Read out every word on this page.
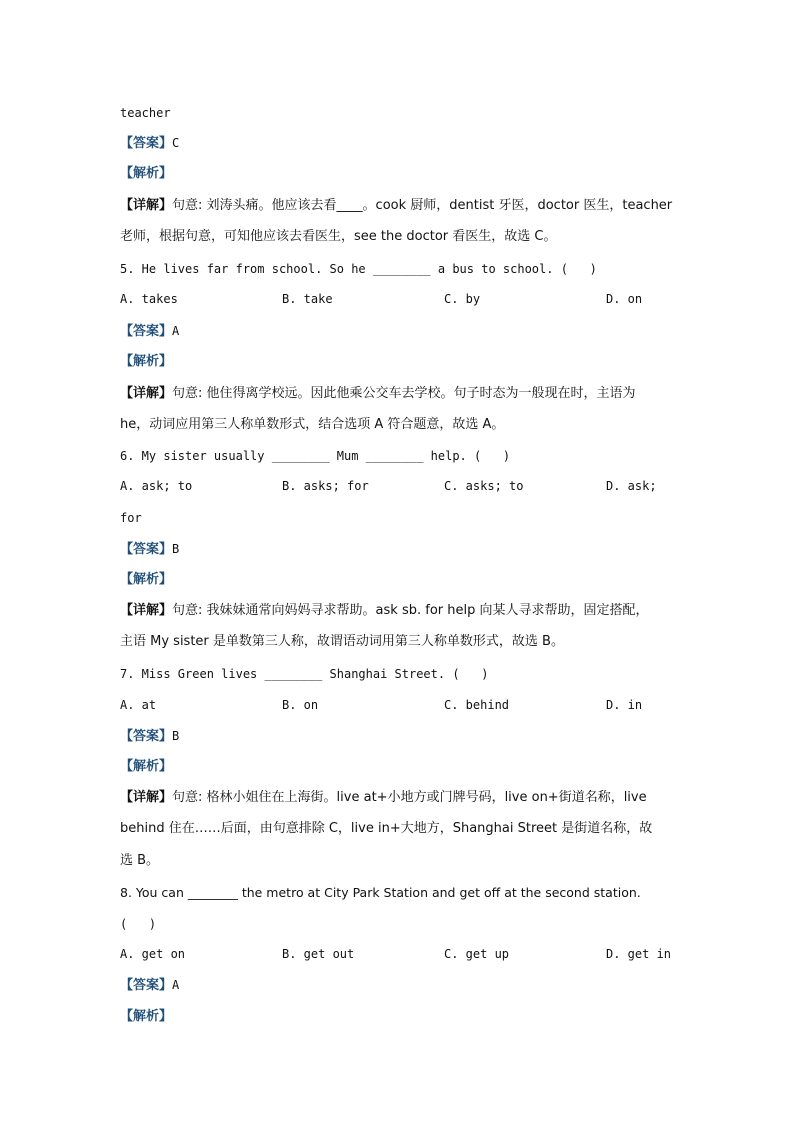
teacher
【答案】C
【解析】
【详解】句意: 刘涛头痛。他应该去看____。cook 厨师，dentist 牙医，doctor 医生，teacher
老师，根据句意，可知他应该去看医生，see the doctor 看医生，故选 C。
5. He lives far from school. So he ________ a bus to school. (   )
A. takes	B. take	C. by	D. on
【答案】A
【解析】
【详解】句意: 他住得离学校远。因此他乘公交车去学校。句子时态为一般现在时，主语为
he，动词应用第三人称单数形式，结合选项 A 符合题意，故选 A。
6. My sister usually ________ Mum ________ help. (   )
A. ask; to	B. asks; for	C. asks; to	D. ask;
for
【答案】B
【解析】
【详解】句意: 我妹妹通常向妈妈寻求帮助。ask sb. for help 向某人寻求帮助，固定搭配，
主语 My sister 是单数第三人称，故谓语动词用第三人称单数形式，故选 B。
7. Miss Green lives ________ Shanghai Street. (   )
A. at	B. on	C. behind	D. in
【答案】B
【解析】
【详解】句意: 格林小姐住在上海街。live at+小地方或门牌号码，live on+街道名称，live
behind 住在……后面，由句意排除 C，live in+大地方，Shanghai Street 是街道名称，故
选 B。
8. You can ________ the metro at City Park Station and get off at the second station.
(   )
A. get on	B. get out	C. get up	D. get in
【答案】A
【解析】
